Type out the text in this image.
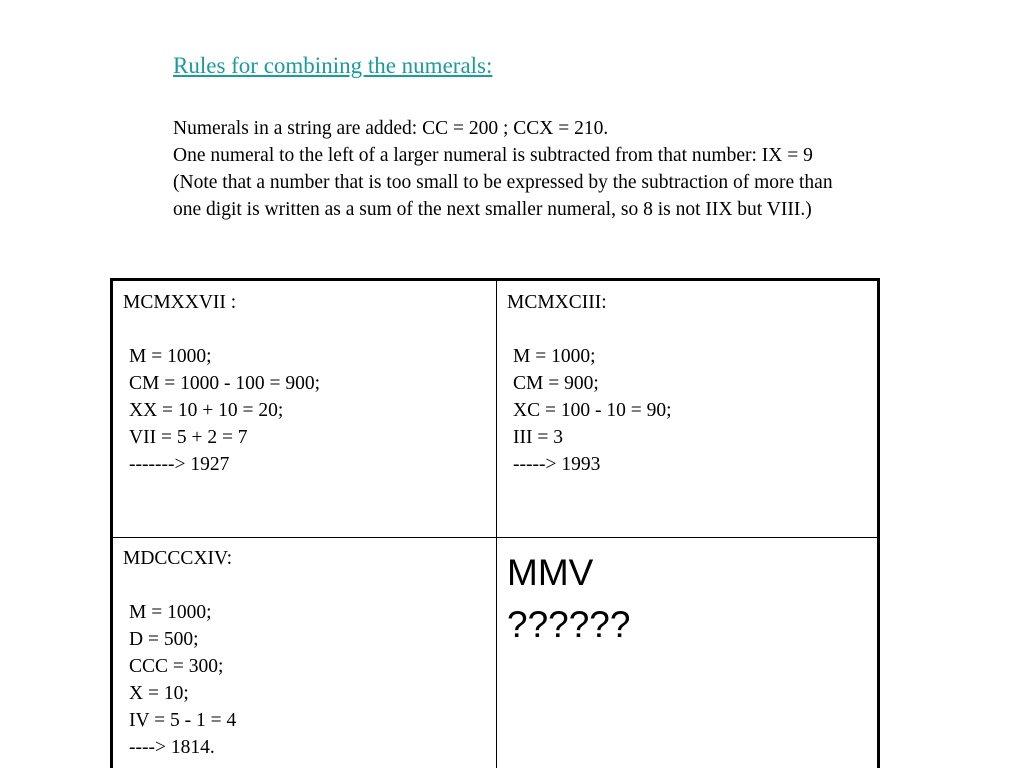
Rules for combining the numerals:

Numerals in a string are added: CC = 200 ; CCX = 210.

One numeral to the left of a larger numeral is subtracted from that number: IX = 9

(Note that a number that is too small to be expressed by the subtraction of more than one digit is written as a sum of the next smaller numeral, so 8 is not IIX but VIII.)

MCMXXVII :

M = 1000;

CM = 1000 - 100 = 900;

XX = 10 + 10 = 20;

VII = 5 + 2 = 7

-------> 1927

MCMXCIII:

M = 1000;

CM = 900;

XC = 100 - 10 = 90;

III = 3

-----> 1993

MDCCCXIV:

M = 1000;

D = 500;

CCC = 300;

X = 10;

IV = 5 - 1 = 4

----> 1814.

MMV

??????
